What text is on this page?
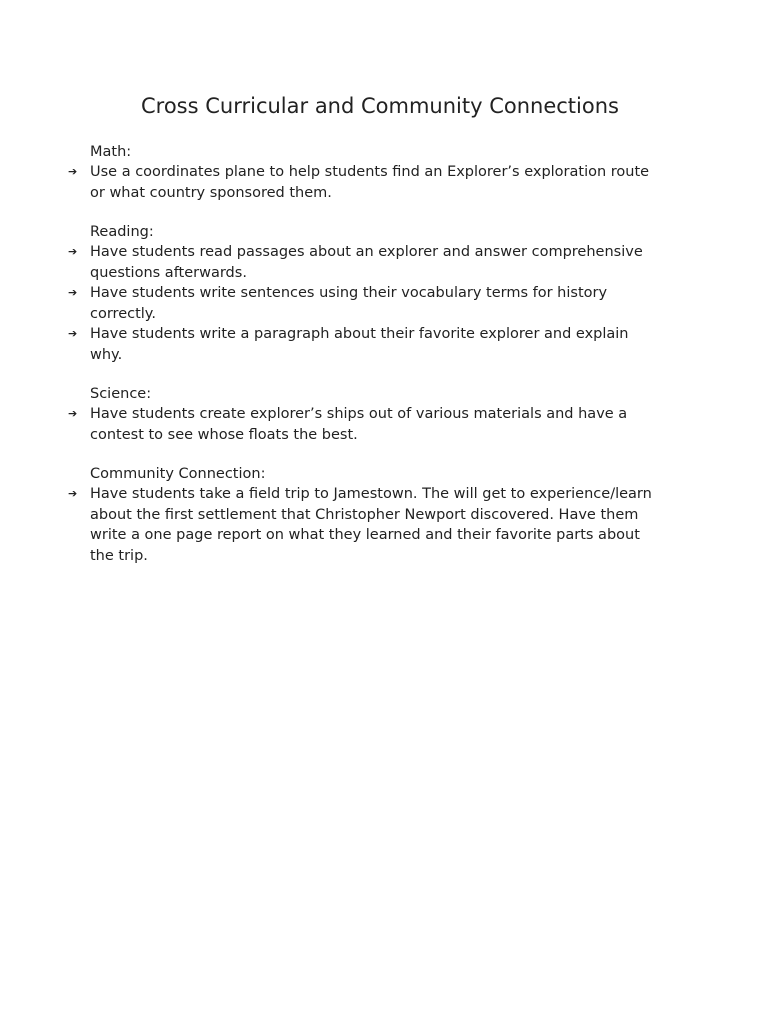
Cross Curricular and Community Connections

Math:

➔ Use a coordinates plane to help students find an Explorer’s exploration route
or what country sponsored them.

Reading:

➔ Have students read passages about an explorer and answer comprehensive
questions afterwards.
➔ Have students write sentences using their vocabulary terms for history
correctly.
➔ Have students write a paragraph about their favorite explorer and explain
why.

Science:

➔ Have students create explorer’s ships out of various materials and have a
contest to see whose floats the best.

Community Connection:

➔ Have students take a field trip to Jamestown. The will get to experience/learn
about the first settlement that Christopher Newport discovered. Have them
write a one page report on what they learned and their favorite parts about
the trip.
